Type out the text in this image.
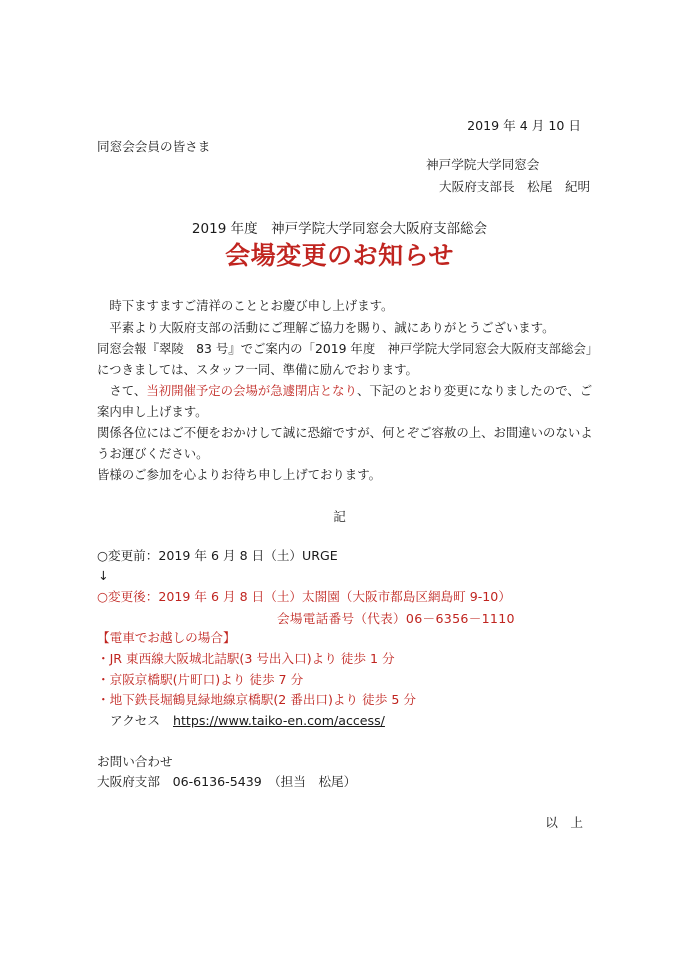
2019 年 4 月 10 日
同窓会会員の皆さま
神戸学院大学同窓会
大阪府支部長　松尾　紀明
2019 年度　神戸学院大学同窓会大阪府支部総会
会場変更のお知らせ
　時下ますますご清祥のこととお慶び申し上げます。
　平素より大阪府支部の活動にご理解ご協力を賜り、誠にありがとうございます。
同窓会報『翠陵　83 号』でご案内の「2019 年度　神戸学院大学同窓会大阪府支部総会」
につきましては、スタッフ一同、準備に励んでおります。
　さて、当初開催予定の会場が急遽閉店となり、下記のとおり変更になりましたので、ご
案内申し上げます。
関係各位にはご不便をおかけして誠に恐縮ですが、何とぞご容赦の上、お間違いのないよ
うお運びください。
皆様のご参加を心よりお待ち申し上げております。
記
○変更前：2019 年 6 月 8 日（土）URGE
↓
○変更後：2019 年 6 月 8 日（土）太閤園（大阪市都島区網島町 9-10）
会場電話番号（代表）06－6356－1110
【電車でお越しの場合】
・JR 東西線大阪城北詰駅(3 号出入口)より 徒歩 1 分
・京阪京橋駅(片町口)より 徒歩 7 分
・地下鉄長堀鶴見緑地線京橋駅(2 番出口)より 徒歩 5 分
アクセス https://www.taiko-en.com/access/
お問い合わせ
大阪府支部　06-6136-5439　（担当　松尾）
以　上
